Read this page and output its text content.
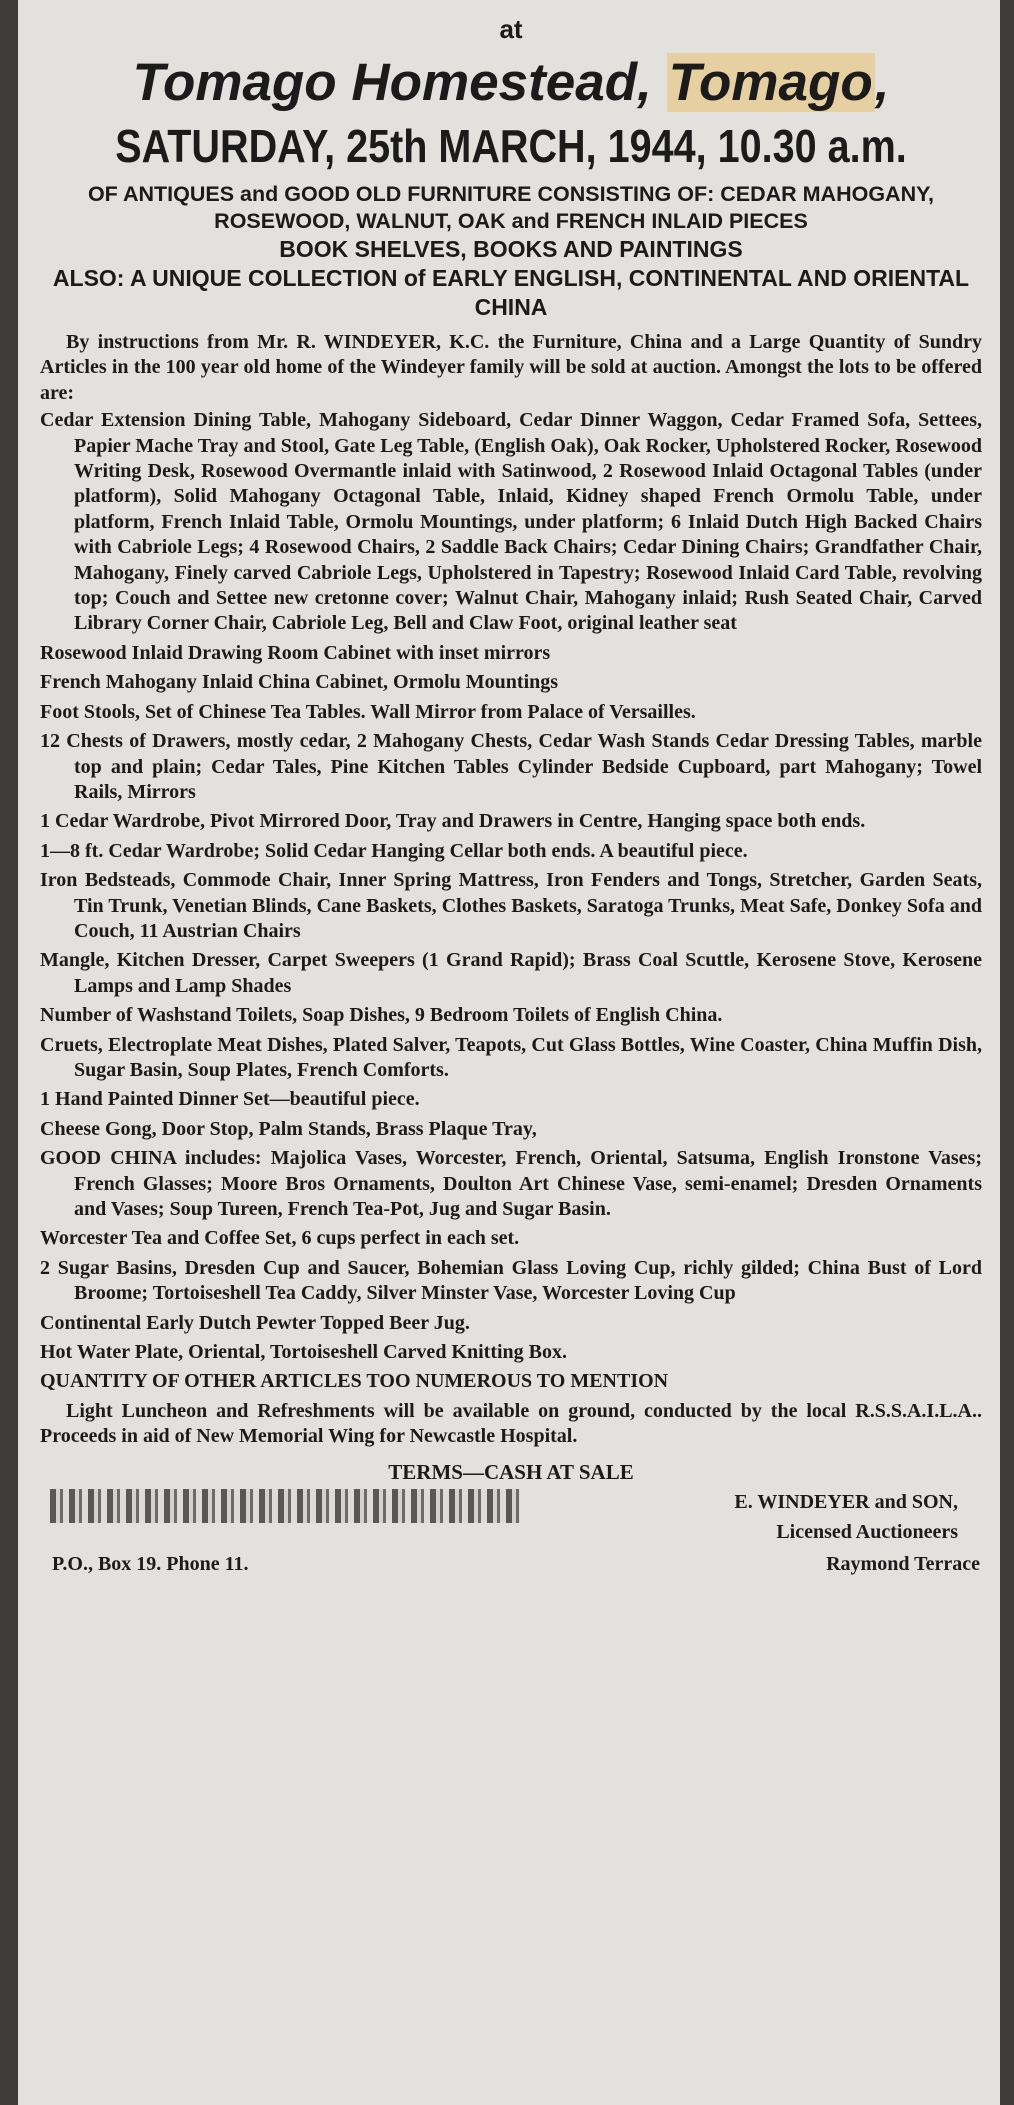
at

Tomago Homestead, Tomago,

SATURDAY, 25th MARCH, 1944, 10.30 a.m.

OF ANTIQUES and GOOD OLD FURNITURE CONSISTING OF: CEDAR MAHOGANY, ROSEWOOD, WALNUT, OAK and FRENCH INLAID PIECES

BOOK SHELVES, BOOKS AND PAINTINGS

ALSO: A UNIQUE COLLECTION of EARLY ENGLISH, CONTINENTAL AND ORIENTAL CHINA

By instructions from Mr. R. WINDEYER, K.C. the Furniture, China and a Large Quantity of Sundry Articles in the 100 year old home of the Windeyer family will be sold at auction. Amongst the lots to be offered are:

Cedar Extension Dining Table, Mahogany Sideboard, Cedar Dinner Waggon, Cedar Framed Sofa, Settees, Papier Mache Tray and Stool, Gate Leg Table, (English Oak), Oak Rocker, Upholstered Rocker, Rosewood Writing Desk, Rosewood Overmantle inlaid with Satinwood, 2 Rosewood Inlaid Octagonal Tables (under platform), Solid Mahogany Octagonal Table, Inlaid, Kidney shaped French Ormolu Table, under platform, French Inlaid Table, Ormolu Mountings, under platform; 6 Inlaid Dutch High Backed Chairs with Cabriole Legs; 4 Rosewood Chairs, 2 Saddle Back Chairs; Cedar Dining Chairs; Grandfather Chair, Mahogany, Finely carved Cabriole Legs, Upholstered in Tapestry; Rosewood Inlaid Card Table, revolving top; Couch and Settee new cretonne cover; Walnut Chair, Mahogany inlaid; Rush Seated Chair, Carved Library Corner Chair, Cabriole Leg, Bell and Claw Foot, original leather seat
Rosewood Inlaid Drawing Room Cabinet with inset mirrors
French Mahogany Inlaid China Cabinet, Ormolu Mountings
Foot Stools, Set of Chinese Tea Tables. Wall Mirror from Palace of Versailles.
12 Chests of Drawers, mostly cedar, 2 Mahogany Chests, Cedar Wash Stands Cedar Dressing Tables, marble top and plain; Cedar Tales, Pine Kitchen Tables Cylinder Bedside Cupboard, part Mahogany; Towel Rails, Mirrors
1 Cedar Wardrobe, Pivot Mirrored Door, Tray and Drawers in Centre, Hanging space both ends.
1—8 ft. Cedar Wardrobe; Solid Cedar Hanging Cellar both ends. A beautiful piece.
Iron Bedsteads, Commode Chair, Inner Spring Mattress, Iron Fenders and Tongs, Stretcher, Garden Seats, Tin Trunk, Venetian Blinds, Cane Baskets, Clothes Baskets, Saratoga Trunks, Meat Safe, Donkey Sofa and Couch, 11 Austrian Chairs
Mangle, Kitchen Dresser, Carpet Sweepers (1 Grand Rapid); Brass Coal Scuttle, Kerosene Stove, Kerosene Lamps and Lamp Shades
Number of Washstand Toilets, Soap Dishes, 9 Bedroom Toilets of English China.
Cruets, Electroplate Meat Dishes, Plated Salver, Teapots, Cut Glass Bottles, Wine Coaster, China Muffin Dish, Sugar Basin, Soup Plates, French Comforts.
1 Hand Painted Dinner Set—beautiful piece.
Cheese Gong, Door Stop, Palm Stands, Brass Plaque Tray,
GOOD CHINA includes: Majolica Vases, Worcester, French, Oriental, Satsuma, English Ironstone Vases; French Glasses; Moore Bros Ornaments, Doulton Art Chinese Vase, semi-enamel; Dresden Ornaments and Vases; Soup Tureen, French Tea-Pot, Jug and Sugar Basin.
Worcester Tea and Coffee Set, 6 cups perfect in each set.
2 Sugar Basins, Dresden Cup and Saucer, Bohemian Glass Loving Cup, richly gilded; China Bust of Lord Broome; Tortoiseshell Tea Caddy, Silver Minster Vase, Worcester Loving Cup
Continental Early Dutch Pewter Topped Beer Jug.
Hot Water Plate, Oriental, Tortoiseshell Carved Knitting Box.
QUANTITY OF OTHER ARTICLES TOO NUMEROUS TO MENTION

Light Luncheon and Refreshments will be available on ground, conducted by the local R.S.S.A.I.L.A.. Proceeds in aid of New Memorial Wing for Newcastle Hospital.

TERMS—CASH AT SALE
E. WINDEYER and SON,
Licensed Auctioneers
P.O., Box 19. Phone 11.	Raymond Terrace
